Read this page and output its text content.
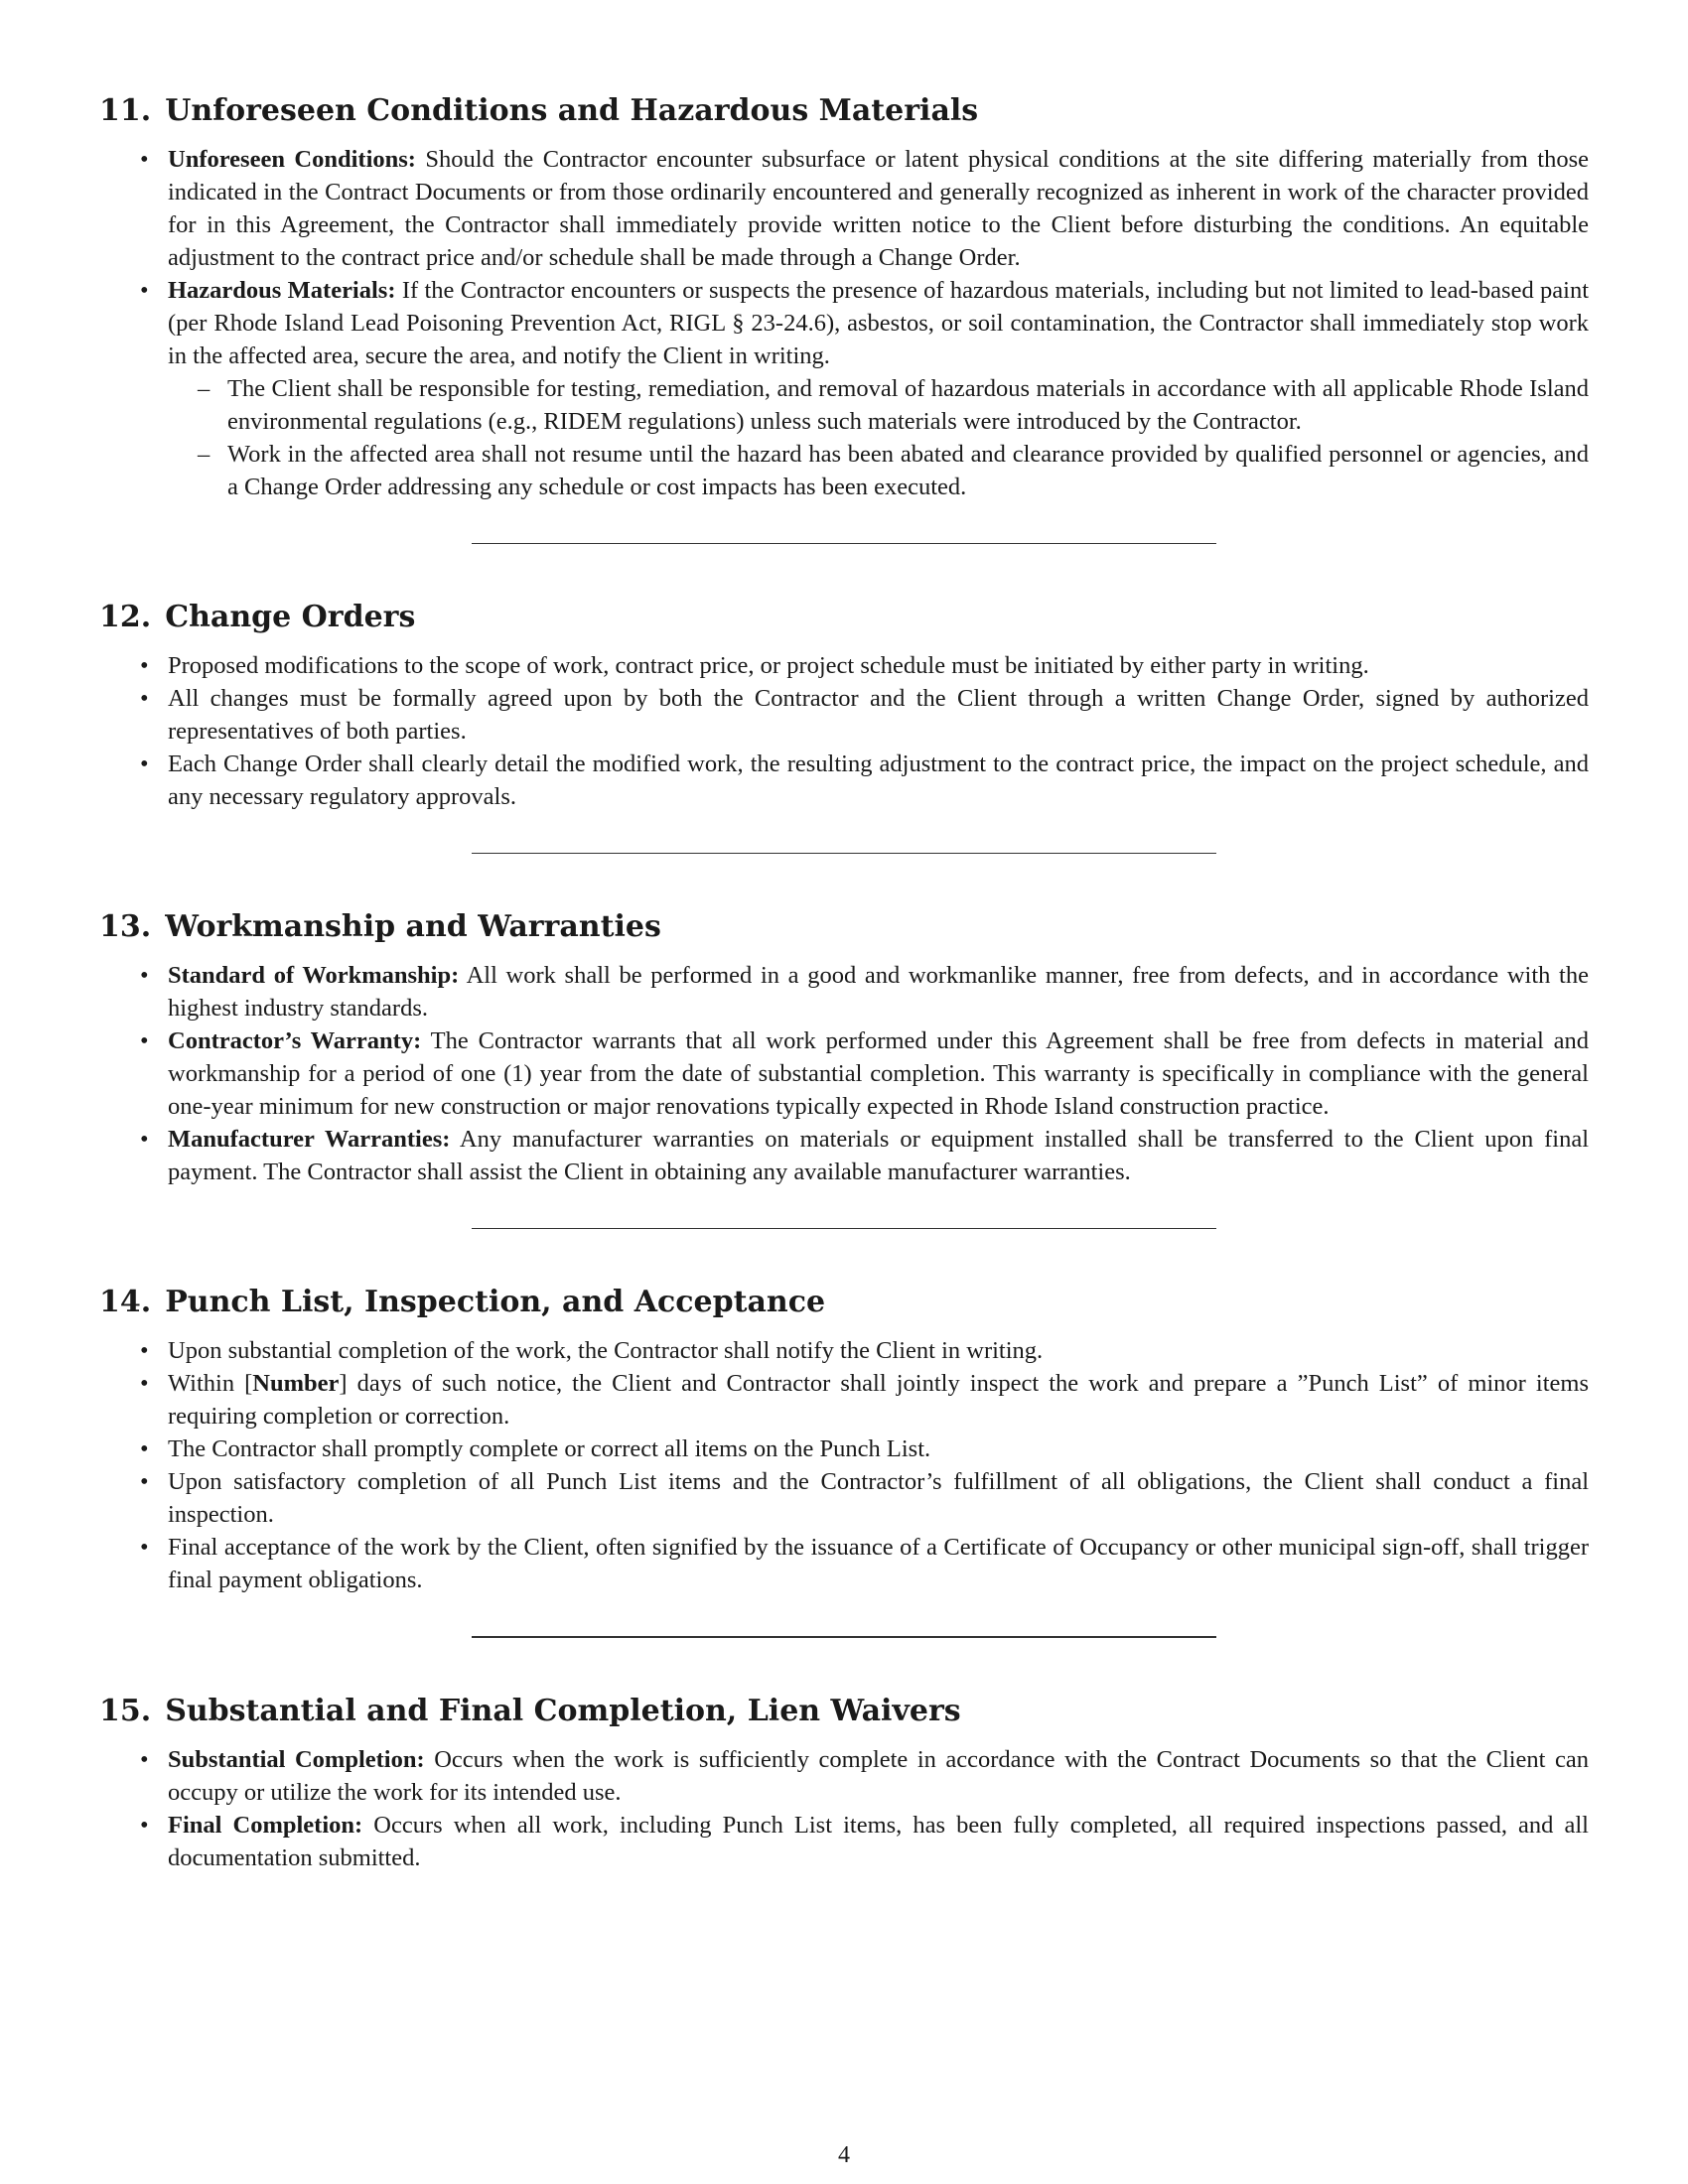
11. Unforeseen Conditions and Hazardous Materials
• Unforeseen Conditions: Should the Contractor encounter subsurface or latent physical conditions at the site differing materially from those indicated in the Contract Documents or from those ordinarily encountered and generally recognized as inherent in work of the character provided for in this Agreement, the Contractor shall immediately provide written notice to the Client before disturbing the conditions. An equitable adjustment to the contract price and/or schedule shall be made through a Change Order.
• Hazardous Materials: If the Contractor encounters or suspects the presence of hazardous materials, including but not limited to lead-based paint (per Rhode Island Lead Poisoning Prevention Act, RIGL § 23-24.6), asbestos, or soil contamination, the Contractor shall immediately stop work in the affected area, secure the area, and notify the Client in writing.
– The Client shall be responsible for testing, remediation, and removal of hazardous materials in accordance with all applicable Rhode Island environmental regulations (e.g., RIDEM regulations) unless such materials were introduced by the Contractor.
– Work in the affected area shall not resume until the hazard has been abated and clearance provided by qualified personnel or agencies, and a Change Order addressing any schedule or cost impacts has been executed.
12. Change Orders
• Proposed modifications to the scope of work, contract price, or project schedule must be initiated by either party in writing.
• All changes must be formally agreed upon by both the Contractor and the Client through a written Change Order, signed by authorized representatives of both parties.
• Each Change Order shall clearly detail the modified work, the resulting adjustment to the contract price, the impact on the project schedule, and any necessary regulatory approvals.
13. Workmanship and Warranties
• Standard of Workmanship: All work shall be performed in a good and workmanlike manner, free from defects, and in accordance with the highest industry standards.
• Contractor’s Warranty: The Contractor warrants that all work performed under this Agreement shall be free from defects in material and workmanship for a period of one (1) year from the date of substantial completion. This warranty is specifically in compliance with the general one-year minimum for new construction or major renovations typically expected in Rhode Island construction practice.
• Manufacturer Warranties: Any manufacturer warranties on materials or equipment installed shall be transferred to the Client upon final payment. The Contractor shall assist the Client in obtaining any available manufacturer warranties.
14. Punch List, Inspection, and Acceptance
• Upon substantial completion of the work, the Contractor shall notify the Client in writing.
• Within [Number] days of such notice, the Client and Contractor shall jointly inspect the work and prepare a ”Punch List” of minor items requiring completion or correction.
• The Contractor shall promptly complete or correct all items on the Punch List.
• Upon satisfactory completion of all Punch List items and the Contractor’s fulfillment of all obligations, the Client shall conduct a final inspection.
• Final acceptance of the work by the Client, often signified by the issuance of a Certificate of Occupancy or other municipal sign-off, shall trigger final payment obligations.
15. Substantial and Final Completion, Lien Waivers
• Substantial Completion: Occurs when the work is sufficiently complete in accordance with the Contract Documents so that the Client can occupy or utilize the work for its intended use.
• Final Completion: Occurs when all work, including Punch List items, has been fully completed, all required inspections passed, and all documentation submitted.
4
